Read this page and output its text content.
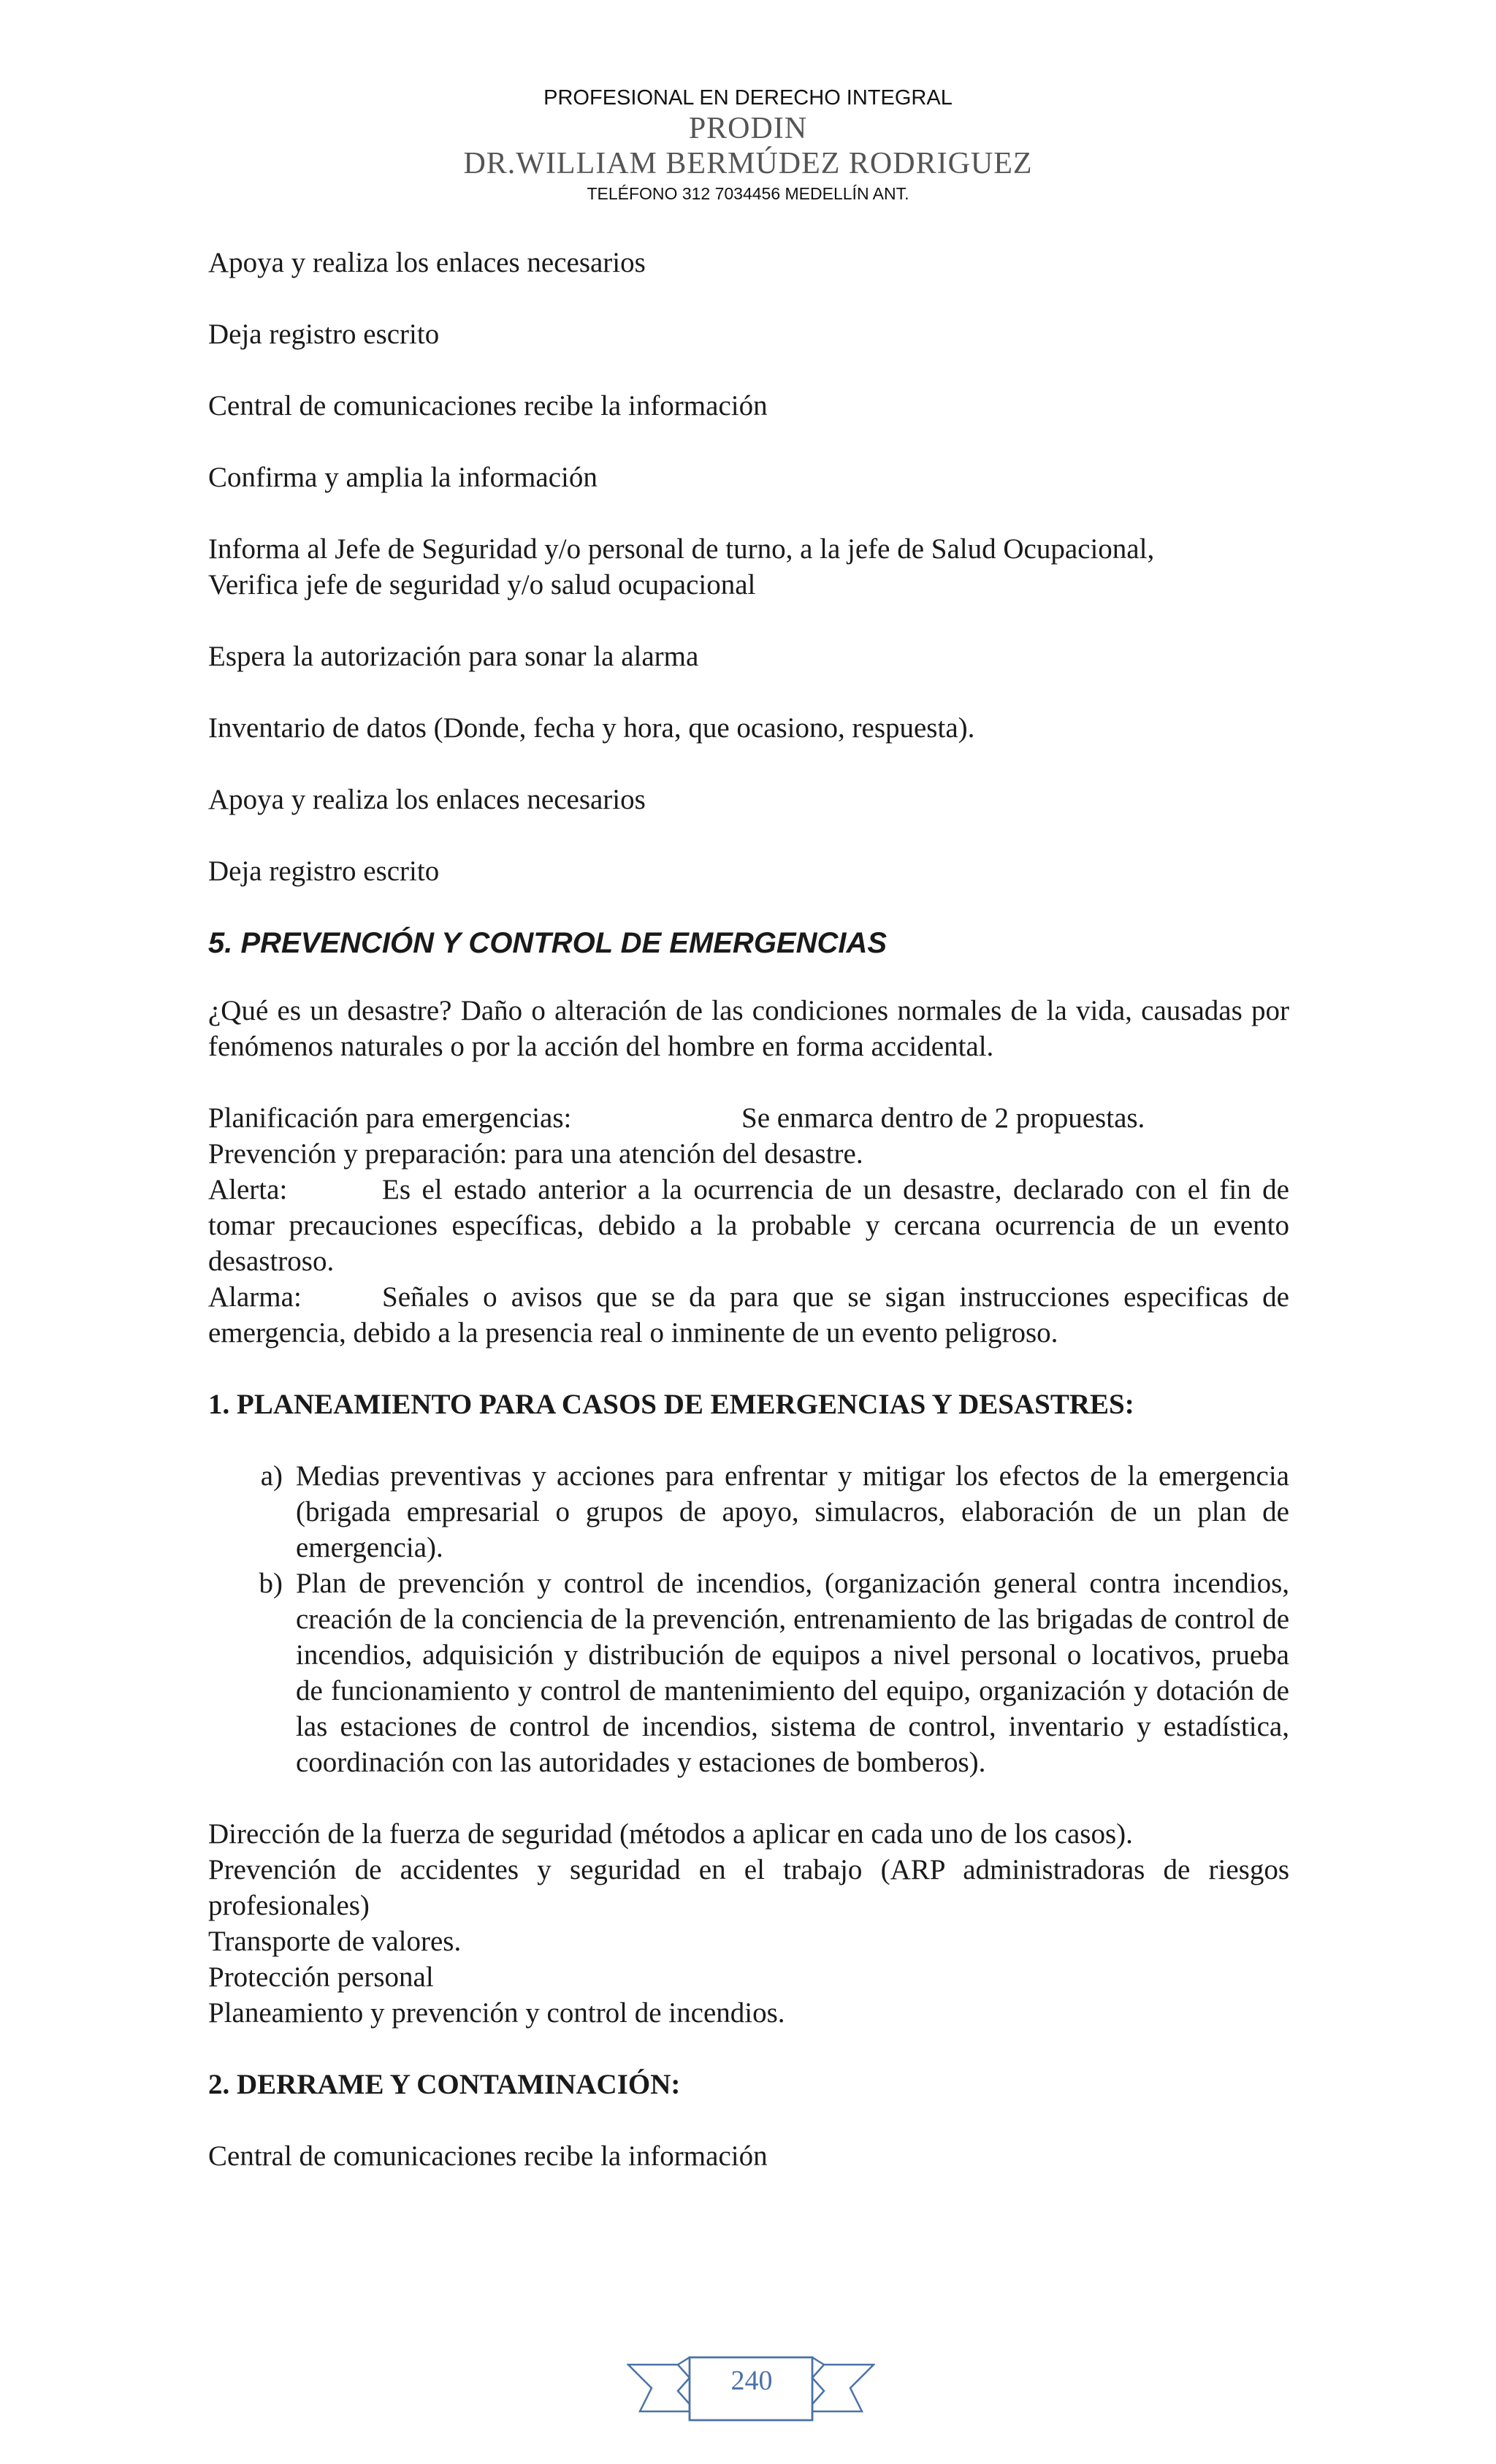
PROFESIONAL EN DERECHO INTEGRAL
PRODIN
DR.WILLIAM BERMÚDEZ RODRIGUEZ
TELÉFONO 312 7034456 MEDELLÍN ANT.

Apoya y realiza los enlaces necesarios

Deja registro escrito

Central de comunicaciones recibe la información

Confirma y amplia la información

Informa al Jefe de Seguridad y/o personal de turno, a la jefe de Salud Ocupacional,

Verifica jefe de seguridad y/o salud ocupacional

Espera la autorización para sonar la alarma

Inventario de datos (Donde, fecha y hora, que ocasiono, respuesta).

Apoya y realiza los enlaces necesarios

Deja registro escrito

5. PREVENCIÓN Y CONTROL DE EMERGENCIAS

¿Qué es un desastre? Daño o alteración de las condiciones normales de la vida, causadas por fenómenos naturales o por la acción del hombre en forma accidental.

Planificación para emergencias:	Se enmarca dentro de 2 propuestas.

Prevención y preparación: para una atención del desastre.

Alerta:	Es el estado anterior a la ocurrencia de un desastre, declarado con el fin de tomar precauciones específicas, debido a la probable y cercana ocurrencia de un evento desastroso.

Alarma:	Señales o avisos que se da para que se sigan instrucciones especificas de emergencia, debido a la presencia real o inminente de un evento peligroso.

1. PLANEAMIENTO PARA CASOS DE EMERGENCIAS Y DESASTRES:

a) Medias preventivas y acciones para enfrentar y mitigar los efectos de la emergencia (brigada empresarial o grupos de apoyo, simulacros, elaboración de un plan de emergencia).
b) Plan de prevención y control de incendios, (organización general contra incendios, creación de la conciencia de la prevención, entrenamiento de las brigadas de control de incendios, adquisición y distribución de equipos a nivel personal o locativos, prueba de funcionamiento y control de mantenimiento del equipo, organización y dotación de las estaciones de control de incendios, sistema de control, inventario y estadística, coordinación con las autoridades y estaciones de bomberos).

Dirección de la fuerza de seguridad (métodos a aplicar en cada uno de los casos).

Prevención de accidentes y seguridad en el trabajo (ARP administradoras de riesgos profesionales)

Transporte de valores.

Protección personal

Planeamiento y prevención y control de incendios.

2. DERRAME Y CONTAMINACIÓN:

Central de comunicaciones recibe la información

240
